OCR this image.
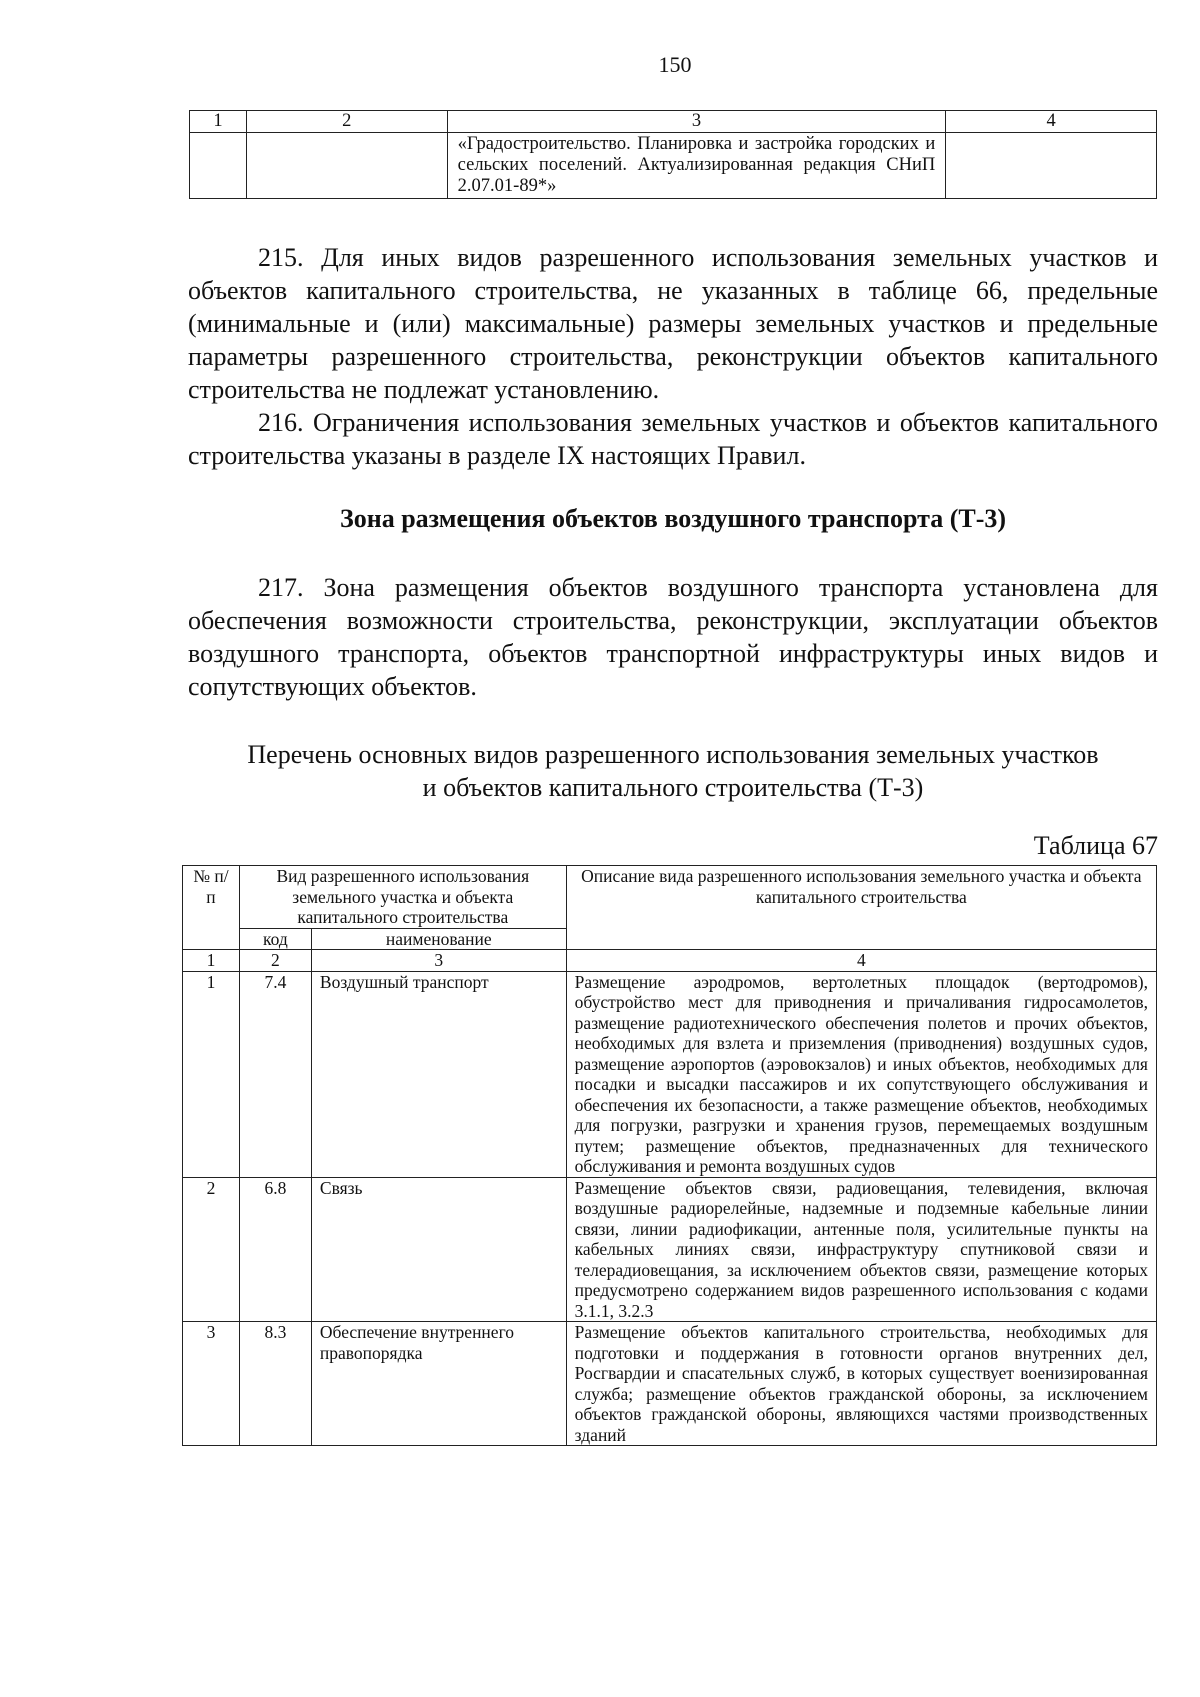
150
1	2	3	4
		«Градостроительство. Планировка и застройка городских и сельских поселений. Актуализированная редакция СНиП 2.07.01-89*»	
215. Для иных видов разрешенного использования земельных участков и объектов капитального строительства, не указанных в таблице 66, предельные (минимальные и (или) максимальные) размеры земельных участков и предельные параметры разрешенного строительства, реконструкции объектов капитального строительства не подлежат установлению.
216. Ограничения использования земельных участков и объектов капитального строительства указаны в разделе IX настоящих Правил.
Зона размещения объектов воздушного транспорта (Т-3)
217. Зона размещения объектов воздушного транспорта установлена для обеспечения возможности строительства, реконструкции, эксплуатации объектов воздушного транспорта, объектов транспортной инфраструктуры иных видов и сопутствующих объектов.
Перечень основных видов разрешенного использования земельных участков
и объектов капитального строительства (Т-3)
Таблица 67
№ п/п	Вид разрешенного использования земельного участка и объекта капитального строительства		Описание вида разрешенного использования земельного участка и объекта капитального строительства
	код	наименование	
1	2	3	4
1	7.4	Воздушный транспорт	Размещение аэродромов, вертолетных площадок (вертодромов), обустройство мест для приводнения и причаливания гидросамолетов, размещение радиотехнического обеспечения полетов и прочих объектов, необходимых для взлета и приземления (приводнения) воздушных судов, размещение аэропортов (аэровокзалов) и иных объектов, необходимых для посадки и высадки пассажиров и их сопутствующего обслуживания и обеспечения их безопасности, а также размещение объектов, необходимых для погрузки, разгрузки и хранения грузов, перемещаемых воздушным путем; размещение объектов, предназначенных для технического обслуживания и ремонта воздушных судов
2	6.8	Связь	Размещение объектов связи, радиовещания, телевидения, включая воздушные радиорелейные, надземные и подземные кабельные линии связи, линии радиофикации, антенные поля, усилительные пункты на кабельных линиях связи, инфраструктуру спутниковой связи и телерадиовещания, за исключением объектов связи, размещение которых предусмотрено содержанием видов разрешенного использования с кодами 3.1.1, 3.2.3
3	8.3	Обеспечение внутреннего правопорядка	Размещение объектов капитального строительства, необходимых для подготовки и поддержания в готовности органов внутренних дел, Росгвардии и спасательных служб, в которых существует военизированная служба; размещение объектов гражданской обороны, за исключением объектов гражданской обороны, являющихся частями производственных зданий
